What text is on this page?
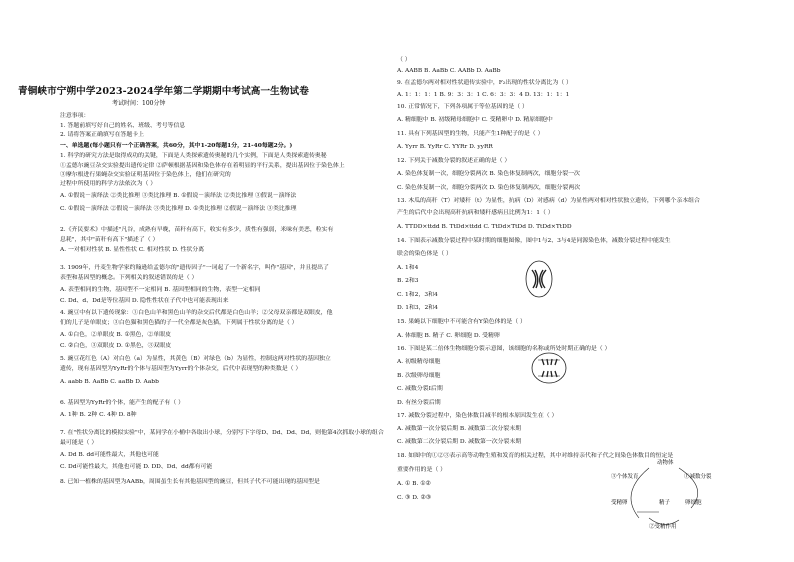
青铜峡市宁朔中学2023-2024学年第二学期期中考试高一生物试卷
考试时间：100分钟
注意事项：
1. 答题前填写好自己的姓名、班级、考号等信息
2. 请将答案正确填写在答题卡上
一、单选题(每小题只有一个正确答案，共60分，其中1-20每题1分，21-40每题2分。)
1. 科学的研究方法是取得成功的关键，下面是人类探索遗传奥秘的几个实例，下面是人类探索遗传奥秘
①孟德尔豌豆杂交实验提出遗传定律 ②萨顿根据基因和染色体存在着明显的平行关系，提出基因位于染色体上
③摩尔根进行果蝇杂交实验证明基因位于染色体上，他们在研究的
过程中所使用的科学方法依次为（ ）
A. ①假说－演绎法 ②类比推理 ③类比推理 B. ①假说－演绎法 ②类比推理 ③假说－演绎法
C. ①假说－演绎法 ②假说－演绎法 ③类比推理 D. ①类比推理 ②假说－演绎法 ③类比推理
2.《齐民要术》中描述"凡谷，成熟有早晚，苗秆有高下，收实有多少，质性有强弱，米味有美恶，粒实有
息耗"，其中"苗秆有高下"描述了（ ）
A. 一对相对性状 B. 显性性状 C. 相对性状 D. 性状分离
3. 1909年，丹麦生物学家约翰逊给孟德尔的"遗传因子"一词起了一个新名字，叫作"基因"，并且提出了
表型和基因型的概念。下列相关的叙述错误的是（ ）
A. 表型相同的生物，基因型不一定相同 B. 基因型相同的生物，表型一定相同
C. Dd、d、Dd是等位基因 D. 隐性性状在子代中也可能表现出来
4. 豌豆中有以下遗传现象：①白色山羊和黑色山羊的杂交后代都是白色山羊；②父母双亲都是双眼皮，他
们的儿子是单眼皮；③白色猫和黑色猫的子一代全都是灰色猫，下列属于性状分离的是（ ）
A. ①白色，②单眼皮 B. ①黑色，②单眼皮
C. ②白色，③双眼皮 D. ①黑色，③双眼皮
5. 豌豆花红色（A）对白色（a）为显性，其黄色（B）对绿色（b）为显性，控制这两对性状的基因独立
遗传，现有基因型为YyRr的个体与基因型为Yyrr的个体杂交，后代中表现型的种类数是（ ）
A. aabb B. AaBb C. aaBb D. Aabb
6. 基因型为YyRr的个体，能产生的配子有（ ）
A. 1种 B. 2种 C. 4种 D. 8种
7. 在"性状分离比的模拟实验"中，某同学在小桶中各取出小球，分别写下字母D、Dd、Dd、Dd，则他第4次抓取小球的组合
最可能是（ ）
A. Dd B. dd可能性最大，其他也可能
C. Dd可能性最大，其他也可能 D. DD、Dd、dd都有可能
8. 已知一植株的基因型为AABb，周围虽生长有其他基因型的豌豆，但其子代不可能出现的基因型是
（ ）
A. AABB B. AaBb C. AABb D. AaBb
9. 在孟德尔两对相对性状遗传实验中，F₂出现的性状分离比为（ ）
A. 1：1：1：1 B. 9：3：3：1 C. 6：3：3：4 D. 13：1：1：1
10. 正常情况下，下列各项属于等位基因的是（ ）
A. 精细胞中 B. 初级精母细胞中 C. 受精卵中 D. 精原细胞中
11. 具有下列基因型的生物，只能产生1种配子的是（ ）
A. Yyrr B. YyRr C. YYRr D. yyRR
12. 下列关于减数分裂的叙述正确的是（ ）
A. 染色体复制一次，细胞分裂两次 B. 染色体复制两次，细胞分裂一次
C. 染色体复制一次，细胞分裂两次 D. 染色体复制两次，细胞分裂两次
13. 木瓜的高秆（T）对矮秆（t）为显性，抗病（D）对感病（d）为显性两对相对性状独立遗传，下列哪个亲本组合
产生的后代中会出现高秆抗病和矮秆感病且比例为1：1（ ）
A. TTDD×ttdd B. TtDd×ttdd C. TtDd×TtDd D. TtDd×TtDD
14. 下图表示减数分裂过程中某时期的细胞图像，图中1与2、3与4是同源染色体，减数分裂过程中能发生
联会的染色体是（ ）
A. 1和4
B. 2和3
C. 1和2，3和4
D. 1和3，2和4
15. 果蝇以下细胞中不可能含有Y染色体的是（ ）
A. 体细胞 B. 精子 C. 卵细胞 D. 受精卵
16. 下图是某二倍体生物细胞分裂示意图，该细胞的名称或所处时期正确的是（ ）
A. 初级精母细胞
B. 次级卵母细胞
C. 减数分裂Ⅰ后期
D. 有丝分裂后期
17. 减数分裂过程中，染色体数目减半的根本原因发生在（ ）
A. 减数第一次分裂后期 B. 减数第二次分裂末期
C. 减数第二次分裂后期 D. 减数第一次分裂末期
18. 如图中的①②③表示高等动物生殖和发育的相关过程，其中对维持亲代和子代之间染色体数目的恒定是
重要作用的是（ ）
A. ① B. ①②
C. ③ D. ②③
动物体
③个体发育	①减数分裂
受精卵	精子	卵细胞
②受精作用
